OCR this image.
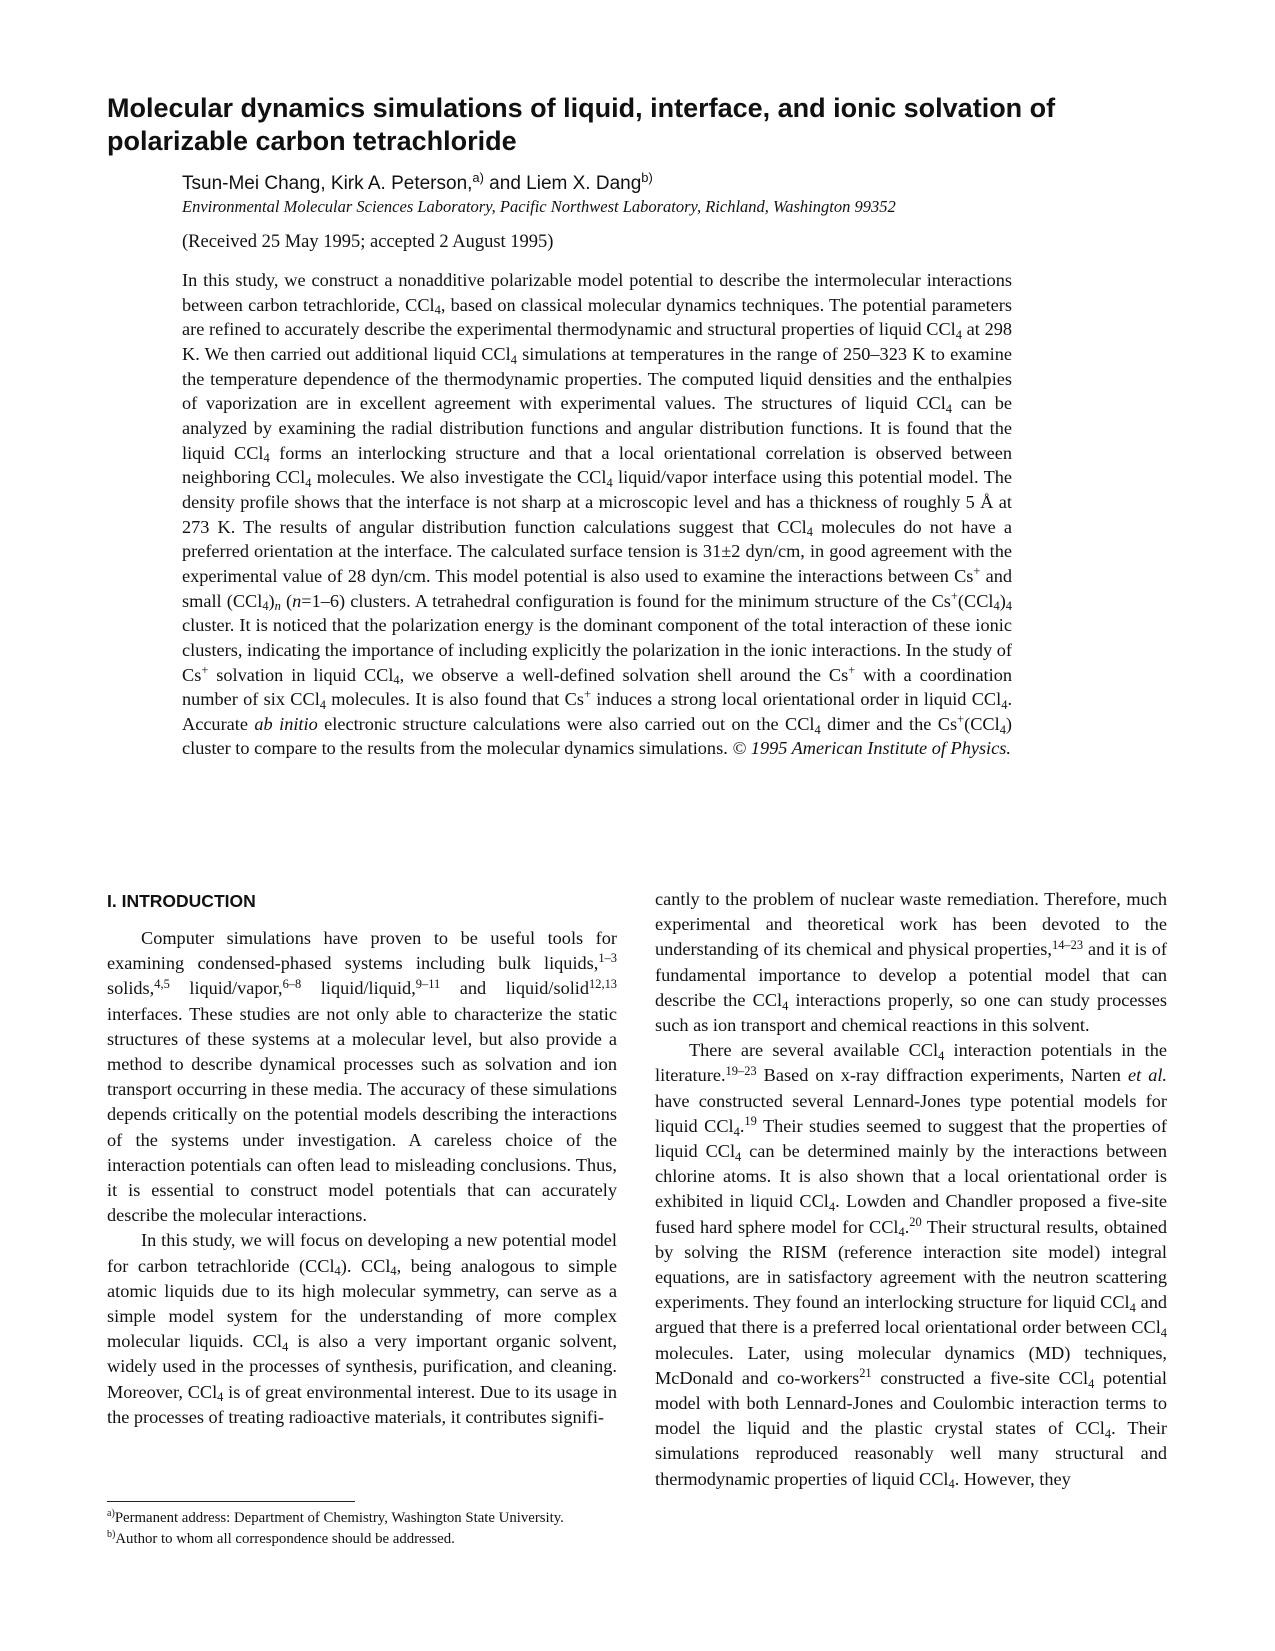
Molecular dynamics simulations of liquid, interface, and ionic solvation of polarizable carbon tetrachloride

Tsun-Mei Chang, Kirk A. Peterson,$^{a)}$ and Liem X. Dang$^{b)}$

Environmental Molecular Sciences Laboratory, Pacific Northwest Laboratory, Richland, Washington 99352

(Received 25 May 1995; accepted 2 August 1995)

In this study, we construct a nonadditive polarizable model potential to describe the intermolecular interactions between carbon tetrachloride, CCl$_4$, based on classical molecular dynamics techniques. The potential parameters are refined to accurately describe the experimental thermodynamic and structural properties of liquid CCl$_4$ at 298 K. We then carried out additional liquid CCl$_4$ simulations at temperatures in the range of 250–323 K to examine the temperature dependence of the thermodynamic properties. The computed liquid densities and the enthalpies of vaporization are in excellent agreement with experimental values. The structures of liquid CCl$_4$ can be analyzed by examining the radial distribution functions and angular distribution functions. It is found that the liquid CCl$_4$ forms an interlocking structure and that a local orientational correlation is observed between neighboring CCl$_4$ molecules. We also investigate the CCl$_4$ liquid/vapor interface using this potential model. The density profile shows that the interface is not sharp at a microscopic level and has a thickness of roughly 5 Å at 273 K. The results of angular distribution function calculations suggest that CCl$_4$ molecules do not have a preferred orientation at the interface. The calculated surface tension is 31±2 dyn/cm, in good agreement with the experimental value of 28 dyn/cm. This model potential is also used to examine the interactions between Cs+ and small $(CCl_4)_n$ (n=1–6) clusters. A tetrahedral configuration is found for the minimum structure of the $Cs^+(CCl_4)_4$ cluster. It is noticed that the polarization energy is the dominant component of the total interaction of these ionic clusters, indicating the importance of including explicitly the polarization in the ionic interactions. In the study of Cs+ solvation in liquid CCl$_4$, we observe a well-defined solvation shell around the Cs+ with a coordination number of six CCl$_4$ molecules. It is also found that Cs+ induces a strong local orientational order in liquid CCl$_4$. Accurate ab initio electronic structure calculations were also carried out on the CCl$_4$ dimer and the Cs+(CCl$_4$) cluster to compare to the results from the molecular dynamics simulations. © 1995 American Institute of Physics.

I. INTRODUCTION

Computer simulations have proven to be useful tools for examining condensed-phased systems including bulk liquids,$^{1-3}$ solids,$^{4,5}$ liquid/vapor,$^{6-8}$ liquid/liquid,$^{9-11}$ and liquid/solid$^{12,13}$ interfaces. These studies are not only able to characterize the static structures of these systems at a molecular level, but also provide a method to describe dynamical processes such as solvation and ion transport occurring in these media. The accuracy of these simulations depends critically on the potential models describing the interactions of the systems under investigation. A careless choice of the interaction potentials can often lead to misleading conclusions. Thus, it is essential to construct model potentials that can accurately describe the molecular interactions.

In this study, we will focus on developing a new potential model for carbon tetrachloride (CCl$_4$). CCl$_4$, being analogous to simple atomic liquids due to its high molecular symmetry, can serve as a simple model system for the understanding of more complex molecular liquids. CCl$_4$ is also a very important organic solvent, widely used in the processes of synthesis, purification, and cleaning. Moreover, CCl$_4$ is of great environmental interest. Due to its usage in the processes of treating radioactive materials, it contributes signifi-

cantly to the problem of nuclear waste remediation. Therefore, much experimental and theoretical work has been devoted to the understanding of its chemical and physical properties,$^{14-23}$ and it is of fundamental importance to develop a potential model that can describe the CCl$_4$ interactions properly, so one can study processes such as ion transport and chemical reactions in this solvent.

There are several available CCl$_4$ interaction potentials in the literature.$^{19-23}$ Based on x-ray diffraction experiments, Narten et al. have constructed several Lennard-Jones type potential models for liquid CCl$_4$.$^{19}$ Their studies seemed to suggest that the properties of liquid CCl$_4$ can be determined mainly by the interactions between chlorine atoms. It is also shown that a local orientational order is exhibited in liquid CCl$_4$. Lowden and Chandler proposed a five-site fused hard sphere model for CCl$_4$.$^{20}$ Their structural results, obtained by solving the RISM (reference interaction site model) integral equations, are in satisfactory agreement with the neutron scattering experiments. They found an interlocking structure for liquid CCl$_4$ and argued that there is a preferred local orientational order between CCl$_4$ molecules. Later, using molecular dynamics (MD) techniques, McDonald and co-workers$^{21}$ constructed a five-site CCl$_4$ potential model with both Lennard-Jones and Coulombic interaction terms to model the liquid and the plastic crystal states of CCl$_4$. Their simulations reproduced reasonably well many structural and thermodynamic properties of liquid CCl$_4$. However, they

$^{a)}$Permanent address: Department of Chemistry, Washington State University.

$^{b)}$Author to whom all correspondence should be addressed.
